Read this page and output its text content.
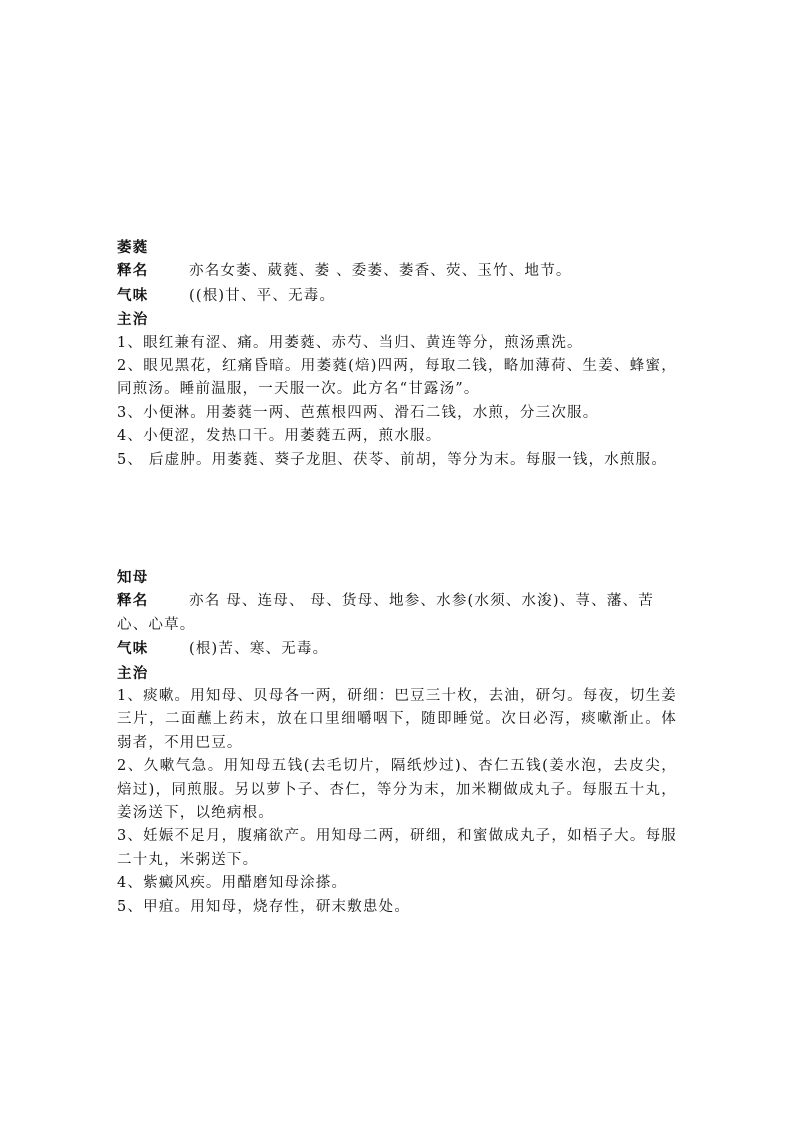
萎蕤
释名	亦名女萎、葳蕤、萎 、委萎、萎香、荧、玉竹、地节。
气味	((根)甘、平、无毒。
主治
1、眼红兼有涩、痛。用萎蕤、赤芍、当归、黄连等分，煎汤熏洗。
2、眼见黑花，红痛昏暗。用萎蕤(焙)四两，每取二钱，略加薄荷、生姜、蜂蜜，同煎汤。睡前温服，一天服一次。此方名“甘露汤”。
3、小便淋。用萎蕤一两、芭蕉根四两、滑石二钱，水煎，分三次服。
4、小便涩，发热口干。用萎蕤五两，煎水服。
5、 后虚肿。用萎蕤、葵子龙胆、茯苓、前胡，等分为末。每服一钱，水煎服。
知母
释名	亦名 母、连母、 母、货母、地参、水参(水须、水浚)、荨、藩、苦心、心草。
气味	(根)苦、寒、无毒。
主治
1、痰嗽。用知母、贝母各一两，研细：巴豆三十枚，去油，研匀。每夜，切生姜三片，二面蘸上药末，放在口里细嚼咽下，随即睡觉。次日必泻，痰嗽渐止。体弱者，不用巴豆。
2、久嗽气急。用知母五钱(去毛切片，隔纸炒过)、杏仁五钱(姜水泡，去皮尖，焙过)，同煎服。另以萝卜子、杏仁，等分为末，加米糊做成丸子。每服五十丸，姜汤送下，以绝病根。
3、妊娠不足月，腹痛欲产。用知母二两，研细，和蜜做成丸子，如梧子大。每服二十丸，米粥送下。
4、紫癜风疾。用醋磨知母涂搽。
5、甲疽。用知母，烧存性，研末敷患处。
